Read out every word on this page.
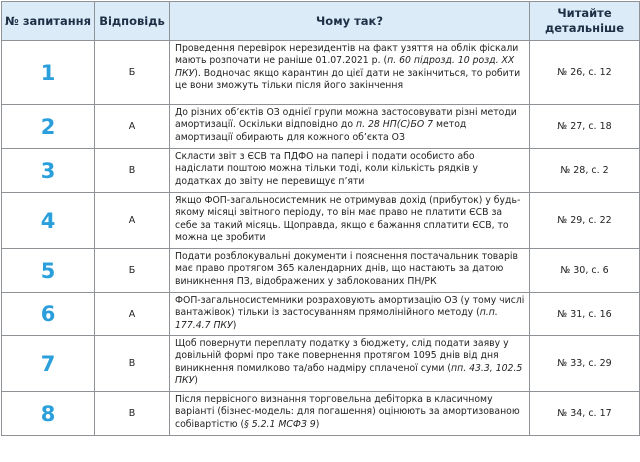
№ запитання	Відповідь	Чому так?	Читайте детальніше
1	Б	Проведення перевірок нерезидентів на факт узяття на облік фіскали мають розпочати не раніше 01.07.2021 р. (п. 60 підрозд. 10 розд. XX ПКУ). Водночас якщо карантин до цієї дати не закінчиться, то робити це вони зможуть тільки після його закінчення	№ 26, с. 12
2	А	До різних об’єктів ОЗ однієї групи можна застосовувати різні методи амортизації. Оскільки відповідно до п. 28 НП(С)БО 7 метод амортизації обирають для кожного об’єкта ОЗ	№ 27, с. 18
3	В	Скласти звіт з ЄСВ та ПДФО на папері і подати особисто або надіслати поштою можна тільки тоді, коли кількість рядків у додатках до звіту не перевищує п’яти	№ 28, с. 2
4	А	Якщо ФОП-загальносистемник не отримував дохід (прибуток) у будь-якому місяці звітного періоду, то він має право не платити ЄСВ за себе за такий місяць. Щоправда, якщо є бажання сплатити ЄСВ, то можна це зробити	№ 29, с. 22
5	Б	Подати розблокувальні документи і пояснення постачальник товарів має право протягом 365 календарних днів, що настають за датою виникнення ПЗ, відображених у заблокованих ПН/РК	№ 30, с. 6
6	А	ФОП-загальносистемники розраховують амортизацію ОЗ (у тому числі вантажівок) тільки із застосуванням прямолінійного методу (п.п. 177.4.7 ПКУ)	№ 31, с. 16
7	В	Щоб повернути переплату податку з бюджету, слід подати заяву у довільній формі про таке повернення протягом 1095 днів від дня виникнення помилково та/або надміру сплаченої суми (пп. 43.3, 102.5 ПКУ)	№ 33, с. 29
8	В	Після первісного визнання торговельна дебіторка в класичному варіанті (бізнес-модель: для погашення) оцінюють за амортизованою собівартістю (§ 5.2.1 МСФЗ 9)	№ 34, с. 17
